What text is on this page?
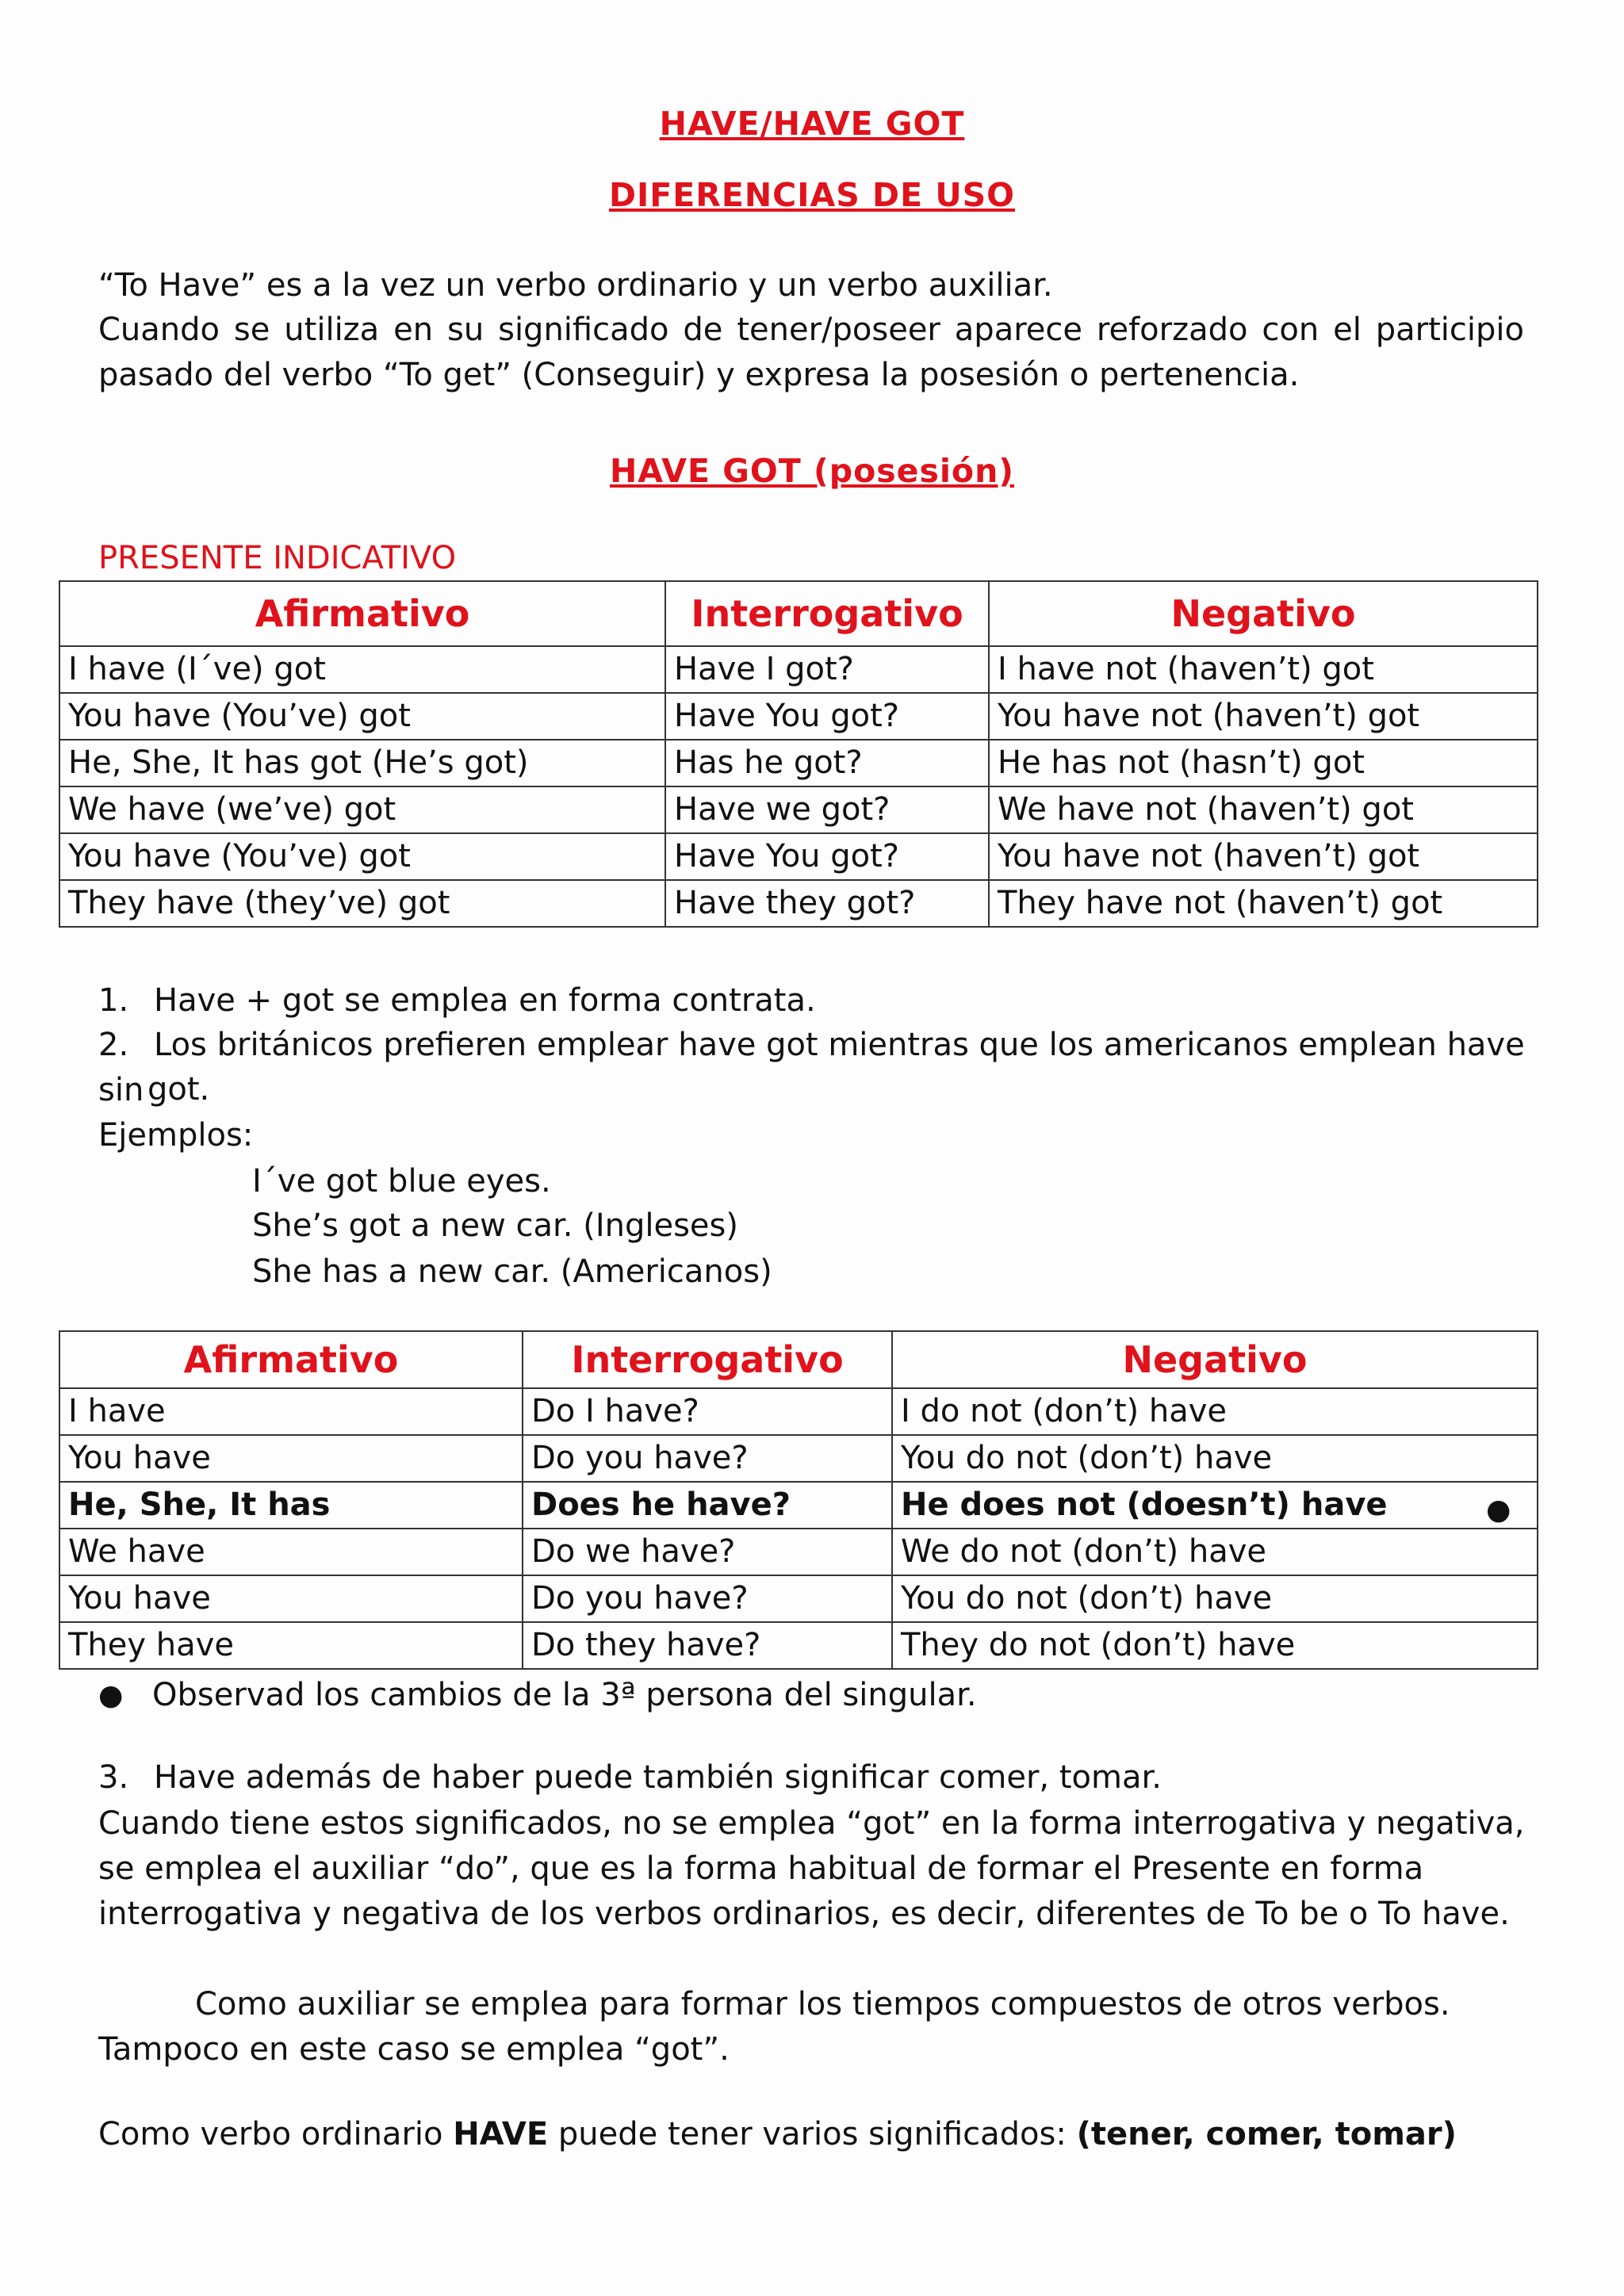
HAVE/HAVE GOT
DIFERENCIAS DE USO
“To Have” es a la vez un verbo ordinario y un verbo auxiliar.
Cuando se utiliza en su significado de tener/poseer aparece reforzado con el participio pasado del verbo “To get” (Conseguir) y expresa la posesión o pertenencia.
HAVE GOT (posesión)
PRESENTE INDICATIVO
Afirmativo	Interrogativo	Negativo
I have (I´ve) got	Have I got?	I have not (haven’t) got
You have (You’ve) got	Have You got?	You have not (haven’t) got
He, She, It has got (He’s got)	Has he got?	He has not (hasn’t) got
We have (we’ve) got	Have we got?	We have not (haven’t) got
You have (You’ve) got	Have You got?	You have not (haven’t) got
They have (they’ve) got	Have they got?	They have not (haven’t) got
1. Have + got se emplea en forma contrata.
2. Los británicos prefieren emplear have got mientras que los americanos emplean have sin got.
Ejemplos:
I´ve got blue eyes.
She’s got a new car. (Ingleses)
She has a new car. (Americanos)
Afirmativo	Interrogativo	Negativo
I have	Do I have?	I do not (don’t) have
You have	Do you have?	You do not (don’t) have
He, She, It has	Does he have?	He does not (doesn’t) have
We have	Do we have?	We do not (don’t) have
You have	Do you have?	You do not (don’t) have
They have	Do they have?	They do not (don’t) have
●
● Observad los cambios de la 3ª persona del singular.
3. Have además de haber puede también significar comer, tomar.
Cuando tiene estos significados, no se emplea “got” en la forma interrogativa y negativa, se emplea el auxiliar “do”, que es la forma habitual de formar el Presente en forma interrogativa y negativa de los verbos ordinarios, es decir, diferentes de To be o To have.
Como auxiliar se emplea para formar los tiempos compuestos de otros verbos. Tampoco en este caso se emplea “got”.
Como verbo ordinario HAVE puede tener varios significados: (tener, comer, tomar)
